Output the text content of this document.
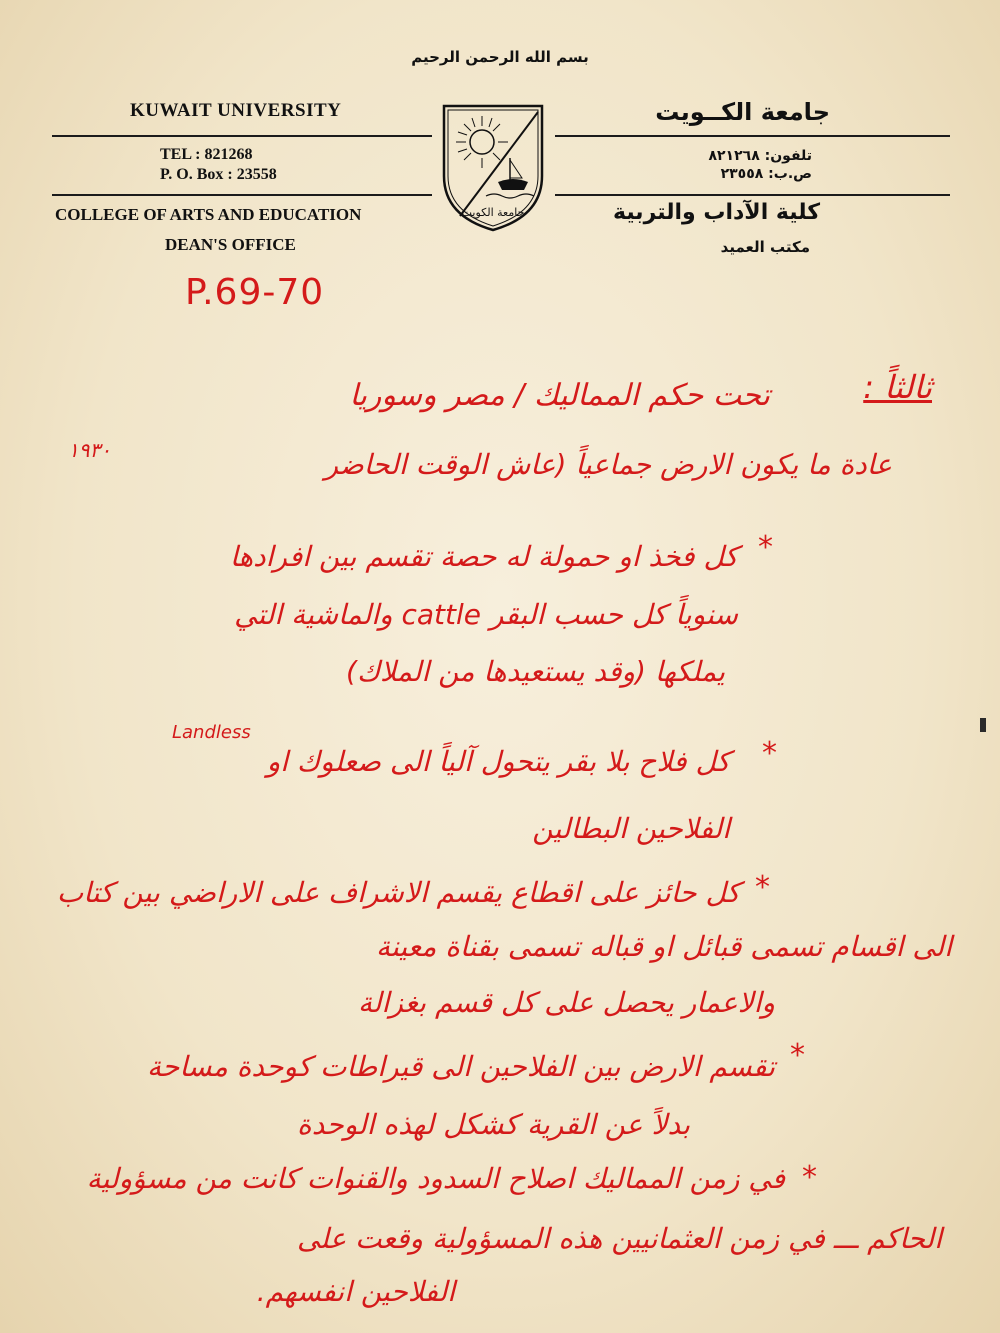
بسم الله الرحمن الرحيم
KUWAIT UNIVERSITY	جامعة الكــويت
TEL : 821268
P. O. Box : 23558
تلفون: ٨٢١٢٦٨
ص.ب: ٢٣٥٥٨
COLLEGE OF ARTS AND EDUCATION	كلية الآداب والتربية
DEAN'S OFFICE	مكتب العميد
جامعة الكويت
P.69-70
ثالثاً :
تحت حكم المماليك / مصر وسوريا
عادة ما يكون الارض جماعياً (عاش الوقت الحاضر
١٩٣٠
*
كل فخذ او حمولة له حصة تقسم بين افرادها
سنوياً كل حسب البقر cattle والماشية التي
يملكها (وقد يستعيدها من الملاك)
Landless
*
كل فلاح بلا بقر يتحول آلياً الى صعلوك او
الفلاحين البطالين
*
كل حائز على اقطاع يقسم الاشراف على الاراضي بين كتاب
الى اقسام تسمى قبائل او قباله تسمى بقناة معينة
والاعمار يحصل على كل قسم بغزالة
*
تقسم الارض بين الفلاحين الى قيراطات كوحدة مساحة
بدلاً عن القرية كشكل لهذه الوحدة
*
في زمن المماليك اصلاح السدود والقنوات كانت من مسؤولية
الحاكم ـــ في زمن العثمانيين هذه المسؤولية وقعت على
الفلاحين انفسهم.
